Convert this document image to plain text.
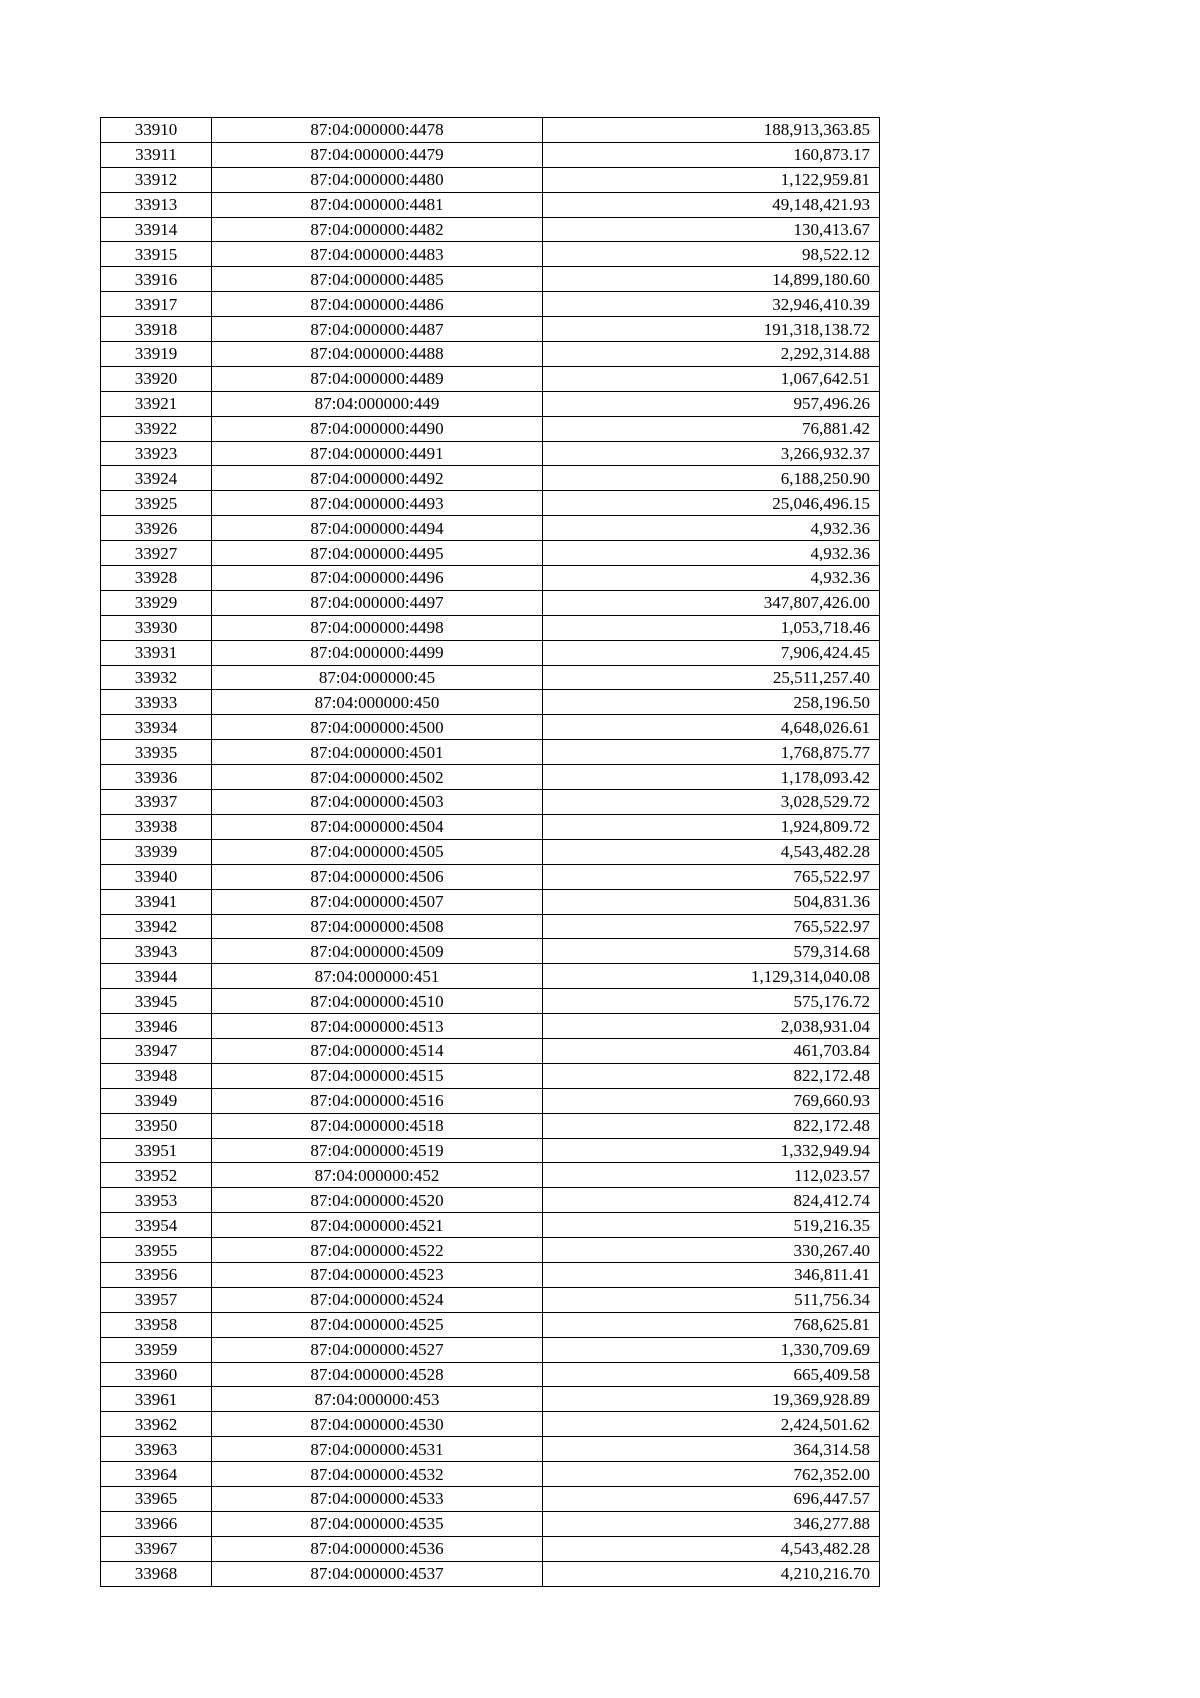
33910	87:04:000000:4478	188,913,363.85
33911	87:04:000000:4479	160,873.17
33912	87:04:000000:4480	1,122,959.81
33913	87:04:000000:4481	49,148,421.93
33914	87:04:000000:4482	130,413.67
33915	87:04:000000:4483	98,522.12
33916	87:04:000000:4485	14,899,180.60
33917	87:04:000000:4486	32,946,410.39
33918	87:04:000000:4487	191,318,138.72
33919	87:04:000000:4488	2,292,314.88
33920	87:04:000000:4489	1,067,642.51
33921	87:04:000000:449	957,496.26
33922	87:04:000000:4490	76,881.42
33923	87:04:000000:4491	3,266,932.37
33924	87:04:000000:4492	6,188,250.90
33925	87:04:000000:4493	25,046,496.15
33926	87:04:000000:4494	4,932.36
33927	87:04:000000:4495	4,932.36
33928	87:04:000000:4496	4,932.36
33929	87:04:000000:4497	347,807,426.00
33930	87:04:000000:4498	1,053,718.46
33931	87:04:000000:4499	7,906,424.45
33932	87:04:000000:45	25,511,257.40
33933	87:04:000000:450	258,196.50
33934	87:04:000000:4500	4,648,026.61
33935	87:04:000000:4501	1,768,875.77
33936	87:04:000000:4502	1,178,093.42
33937	87:04:000000:4503	3,028,529.72
33938	87:04:000000:4504	1,924,809.72
33939	87:04:000000:4505	4,543,482.28
33940	87:04:000000:4506	765,522.97
33941	87:04:000000:4507	504,831.36
33942	87:04:000000:4508	765,522.97
33943	87:04:000000:4509	579,314.68
33944	87:04:000000:451	1,129,314,040.08
33945	87:04:000000:4510	575,176.72
33946	87:04:000000:4513	2,038,931.04
33947	87:04:000000:4514	461,703.84
33948	87:04:000000:4515	822,172.48
33949	87:04:000000:4516	769,660.93
33950	87:04:000000:4518	822,172.48
33951	87:04:000000:4519	1,332,949.94
33952	87:04:000000:452	112,023.57
33953	87:04:000000:4520	824,412.74
33954	87:04:000000:4521	519,216.35
33955	87:04:000000:4522	330,267.40
33956	87:04:000000:4523	346,811.41
33957	87:04:000000:4524	511,756.34
33958	87:04:000000:4525	768,625.81
33959	87:04:000000:4527	1,330,709.69
33960	87:04:000000:4528	665,409.58
33961	87:04:000000:453	19,369,928.89
33962	87:04:000000:4530	2,424,501.62
33963	87:04:000000:4531	364,314.58
33964	87:04:000000:4532	762,352.00
33965	87:04:000000:4533	696,447.57
33966	87:04:000000:4535	346,277.88
33967	87:04:000000:4536	4,543,482.28
33968	87:04:000000:4537	4,210,216.70
